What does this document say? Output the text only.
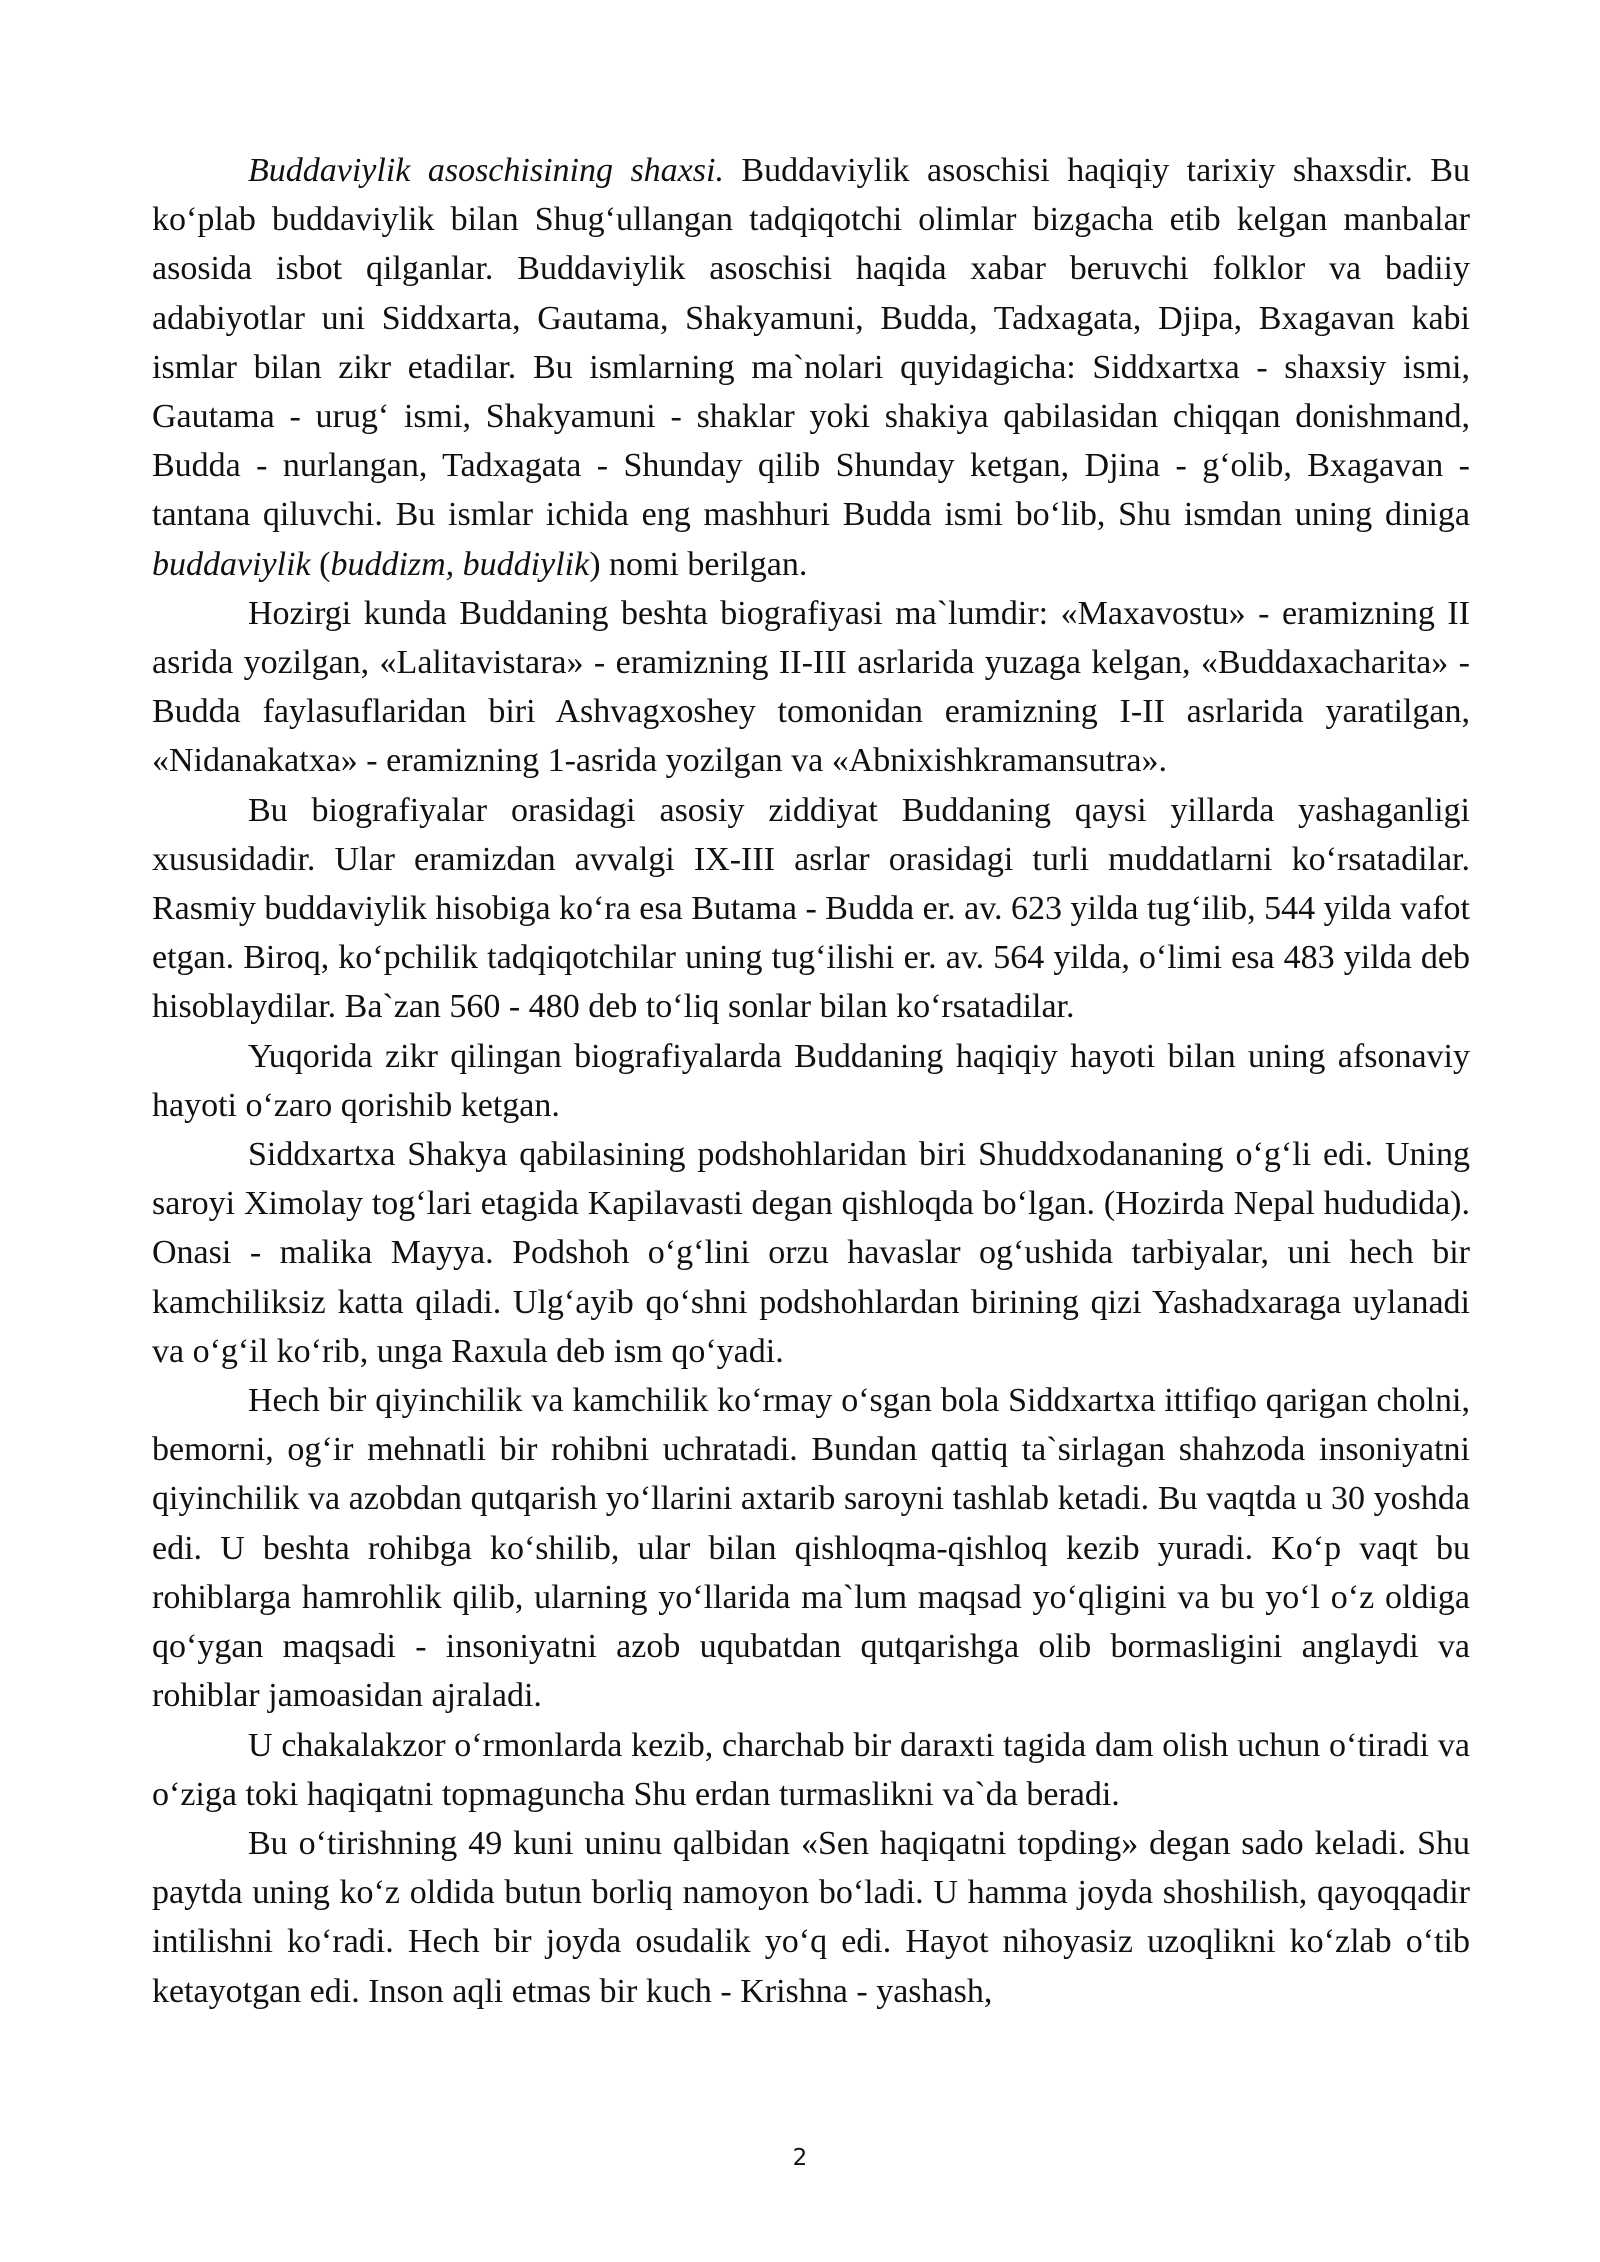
Buddaviylik asoschisining shaxsi. Buddaviylik asoschisi haqiqiy tarixiy shaxsdir. Bu ko‘plab buddaviylik bilan Shug‘ullangan tadqiqotchi olimlar bizgacha etib kelgan manbalar asosida isbot qilganlar. Buddaviylik asoschisi haqida xabar beruvchi folklor va badiiy adabiyotlar uni Siddxarta, Gautama, Shakyamuni, Budda, Tadxagata, Djipa, Bxagavan kabi ismlar bilan zikr etadilar. Bu ismlarning ma`nolari quyidagicha: Siddxartxa - shaxsiy ismi, Gautama - urug‘ ismi, Shakyamuni - shaklar yoki shakiya qabilasidan chiqqan donishmand, Budda - nurlangan, Tadxagata - Shunday qilib Shunday ketgan, Djina - g‘olib, Bxagavan - tantana qiluvchi. Bu ismlar ichida eng mashhuri Budda ismi bo‘lib, Shu ismdan uning diniga buddaviylik (buddizm, buddiylik) nomi berilgan.

Hozirgi kunda Buddaning beshta biografiyasi ma`lumdir: «Maxavostu» - eramizning II asrida yozilgan, «Lalitavistara» - eramizning II-III asrlarida yuzaga kelgan, «Buddaxacharita» - Budda faylasuflaridan biri Ashvagxoshey tomonidan eramizning I-II asrlarida yaratilgan, «Nidanakatxa» - eramizning 1-asrida yozilgan va «Abnixishkramansutra».

Bu biografiyalar orasidagi asosiy ziddiyat Buddaning qaysi yillarda yashaganligi xususidadir. Ular eramizdan avvalgi IX-III asrlar orasidagi turli muddatlarni ko‘rsatadilar. Rasmiy buddaviylik hisobiga ko‘ra esa Butama - Budda er. av. 623 yilda tug‘ilib, 544 yilda vafot etgan. Biroq, ko‘pchilik tadqiqotchilar uning tug‘ilishi er. av. 564 yilda, o‘limi esa 483 yilda deb hisoblaydilar. Ba`zan 560 - 480 deb to‘liq sonlar bilan ko‘rsatadilar.

Yuqorida zikr qilingan biografiyalarda Buddaning haqiqiy hayoti bilan uning afsonaviy hayoti o‘zaro qorishib ketgan.

Siddxartxa Shakya qabilasining podshohlaridan biri Shuddxodananing o‘g‘li edi. Uning saroyi Ximolay tog‘lari etagida Kapilavasti degan qishloqda bo‘lgan. (Hozirda Nepal hududida). Onasi - malika Mayya. Podshoh o‘g‘lini orzu havaslar og‘ushida tarbiyalar, uni hech bir kamchiliksiz katta qiladi. Ulg‘ayib qo‘shni podshohlardan birining qizi Yashadxaraga uylanadi va o‘g‘il ko‘rib, unga Raxula deb ism qo‘yadi.

Hech bir qiyinchilik va kamchilik ko‘rmay o‘sgan bola Siddxartxa ittifiqo qarigan cholni, bemorni, og‘ir mehnatli bir rohibni uchratadi. Bundan qattiq ta`sirlagan shahzoda insoniyatni qiyinchilik va azobdan qutqarish yo‘llarini axtarib saroyni tashlab ketadi. Bu vaqtda u 30 yoshda edi. U beshta rohibga ko‘shilib, ular bilan qishloqma-qishloq kezib yuradi. Ko‘p vaqt bu rohiblarga hamrohlik qilib, ularning yo‘llarida ma`lum maqsad yo‘qligini va bu yo‘l o‘z oldiga qo‘ygan maqsadi - insoniyatni azob uqubatdan qutqarishga olib bormasligini anglaydi va rohiblar jamoasidan ajraladi.

U chakalakzor o‘rmonlarda kezib, charchab bir daraxti tagida dam olish uchun o‘tiradi va o‘ziga toki haqiqatni topmaguncha Shu erdan turmaslikni va`da beradi.

Bu o‘tirishning 49 kuni uninu qalbidan «Sen haqiqatni topding» degan sado keladi. Shu paytda uning ko‘z oldida butun borliq namoyon bo‘ladi. U hamma joyda shoshilish, qayoqqadir intilishni ko‘radi. Hech bir joyda osudalik yo‘q edi. Hayot nihoyasiz uzoqlikni ko‘zlab o‘tib ketayotgan edi. Inson aqli etmas bir kuch - Krishna - yashash,

2
